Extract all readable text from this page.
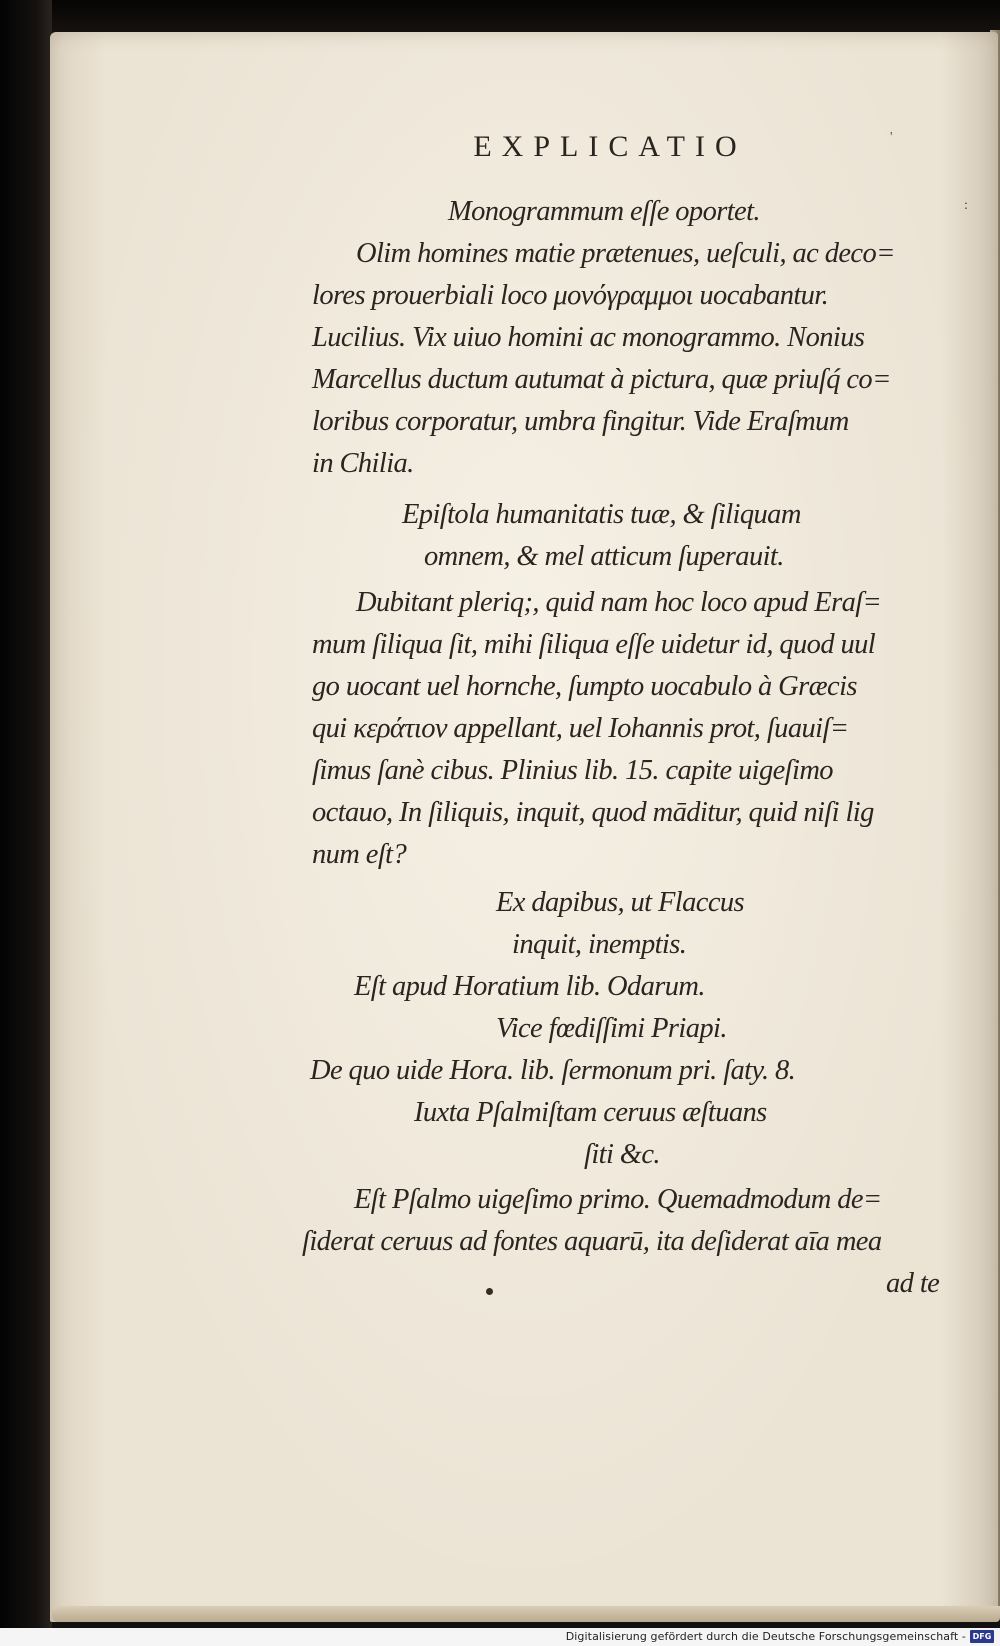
EXPLICATIO	'
:
Monogrammum eſſe oportet.
Olim homines matie prætenues, ueſculi, ac deco=
lores prouerbiali loco μονόγραμμοι uocabantur.
Lucilius. Vix uiuo homini ac monogrammo. Nonius
Marcellus ductum autumat à pictura, quæ priuſq́ co=
loribus corporatur, umbra fingitur. Vide Eraſmum
in Chilia.
Epiſtola humanitatis tuæ, & ſiliquam
omnem, & mel atticum ſuperauit.
Dubitant pleriq;, quid nam hoc loco apud Eraſ=
mum ſiliqua ſit, mihi ſiliqua eſſe uidetur id, quod uul
go uocant uel hornche, ſumpto uocabulo à Græcis
qui κεράτιον appellant, uel Iohannis prot, ſuauiſ=
ſimus ſanè cibus. Plinius lib. 15. capite uigeſimo
octauo, In ſiliquis, inquit, quod māditur, quid niſi lig
num eſt?
Ex dapibus, ut Flaccus
inquit, inemptis.
Eſt apud Horatium lib. Odarum.
Vice fœdiſſimi Priapi.
De quo uide Hora. lib. ſermonum pri. ſaty. 8.
Iuxta Pſalmiſtam ceruus æſtuans
ſiti &c.
Eſt Pſalmo uigeſimo primo. Quemadmodum de=
ſiderat ceruus ad fontes aquarū, ita deſiderat aīa mea
ad te
Digitalisierung gefördert durch die Deutsche Forschungsgemeinschaft - DFG
